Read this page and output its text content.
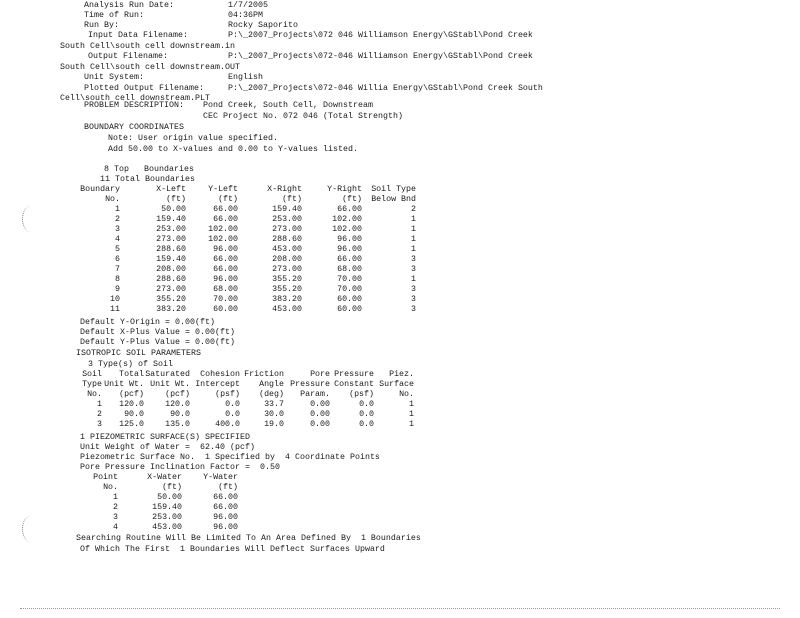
Analysis Run Date:	1/7/2005
Time of Run:	04:36PM
Run By:	Rocky Saporito
Input Data Filename:	P:\_2007_Projects\072 046 Williamson Energy\GStabl\Pond Creek
South Cell\south cell downstream.in
Output Filename:	P:\_2007_Projects\072-046 Williamson Energy\GStabl\Pond Creek
South Cell\south cell downstream.OUT
Unit System:	English
Plotted Output Filename:	P:\_2007_Projects\072-046 Willia Energy\GStabl\Pond Creek South
Cell\south cell downstream.PLT
PROBLEM DESCRIPTION: Pond Creek, South Cell, Downstream
CEC Project No. 072 046 (Total Strength)
BOUNDARY COORDINATES
Note: User origin value specified.
Add 50.00 to X-values and 0.00 to Y-values listed.
8 Top   Boundaries
11 Total Boundaries
Boundary	X-Left	Y-Left	X-Right	Y-Right	Soil Type
No.	(ft)	(ft)	(ft)	(ft)	Below Bnd
1	50.00	66.00	159.40	66.00	2
2	159.40	66.00	253.00	102.00	1
3	253.00	102.00	273.00	102.00	1
4	273.00	102.00	288.60	96.00	1
5	288.60	96.00	453.00	96.00	1
6	159.40	66.00	208.00	66.00	3
7	208.00	66.00	273.00	68.00	3
8	288.60	96.00	355.20	70.00	1
9	273.00	68.00	355.20	70.00	3
10	355.20	70.00	383.20	60.00	3
11	383.20	60.00	453.00	60.00	3
Default Y-Origin = 0.00(ft)
Default X-Plus Value = 0.00(ft)
Default Y-Plus Value = 0.00(ft)
ISOTROPIC SOIL PARAMETERS
3 Type(s) of Soil
Soil	Total	Saturated	Cohesion	Friction	Pore	Pressure	Piez.
Type	Unit Wt.	Unit Wt.	Intercept	Angle	Pressure	Constant	Surface
No.	(pcf)	(pcf)	(psf)	(deg)	Param.	(psf)	No.
1	120.0	120.0	0.0	33.7	0.00	0.0	1
2	90.0	90.0	0.0	30.0	0.00	0.0	1
3	125.0	135.0	400.0	19.0	0.00	0.0	1
1 PIEZOMETRIC SURFACE(S) SPECIFIED
Unit Weight of Water =  62.40 (pcf)
Piezometric Surface No.  1 Specified by  4 Coordinate Points
Pore Pressure Inclination Factor =  0.50
Point	X-Water	Y-Water
No.	(ft)	(ft)
1	50.00	66.00
2	159.40	66.00
3	253.00	96.00
4	453.00	96.00
Searching Routine Will Be Limited To An Area Defined By  1 Boundaries
Of Which The First  1 Boundaries Will Deflect Surfaces Upward
